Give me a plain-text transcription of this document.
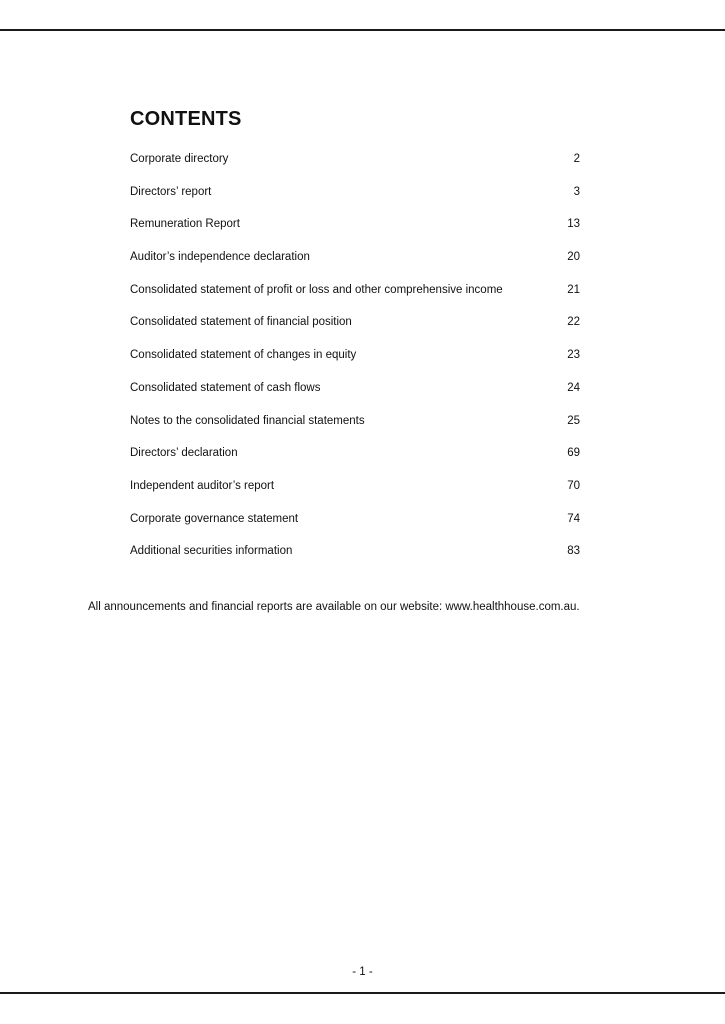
CONTENTS
Corporate directory	2
Directors’ report	3
Remuneration Report	13
Auditor’s independence declaration	20
Consolidated statement of profit or loss and other comprehensive income	21
Consolidated statement of financial position	22
Consolidated statement of changes in equity	23
Consolidated statement of cash flows	24
Notes to the consolidated financial statements	25
Directors’ declaration	69
Independent auditor’s report	70
Corporate governance statement	74
Additional securities information	83

All announcements and financial reports are available on our website: www.healthhouse.com.au.

- 1 -
